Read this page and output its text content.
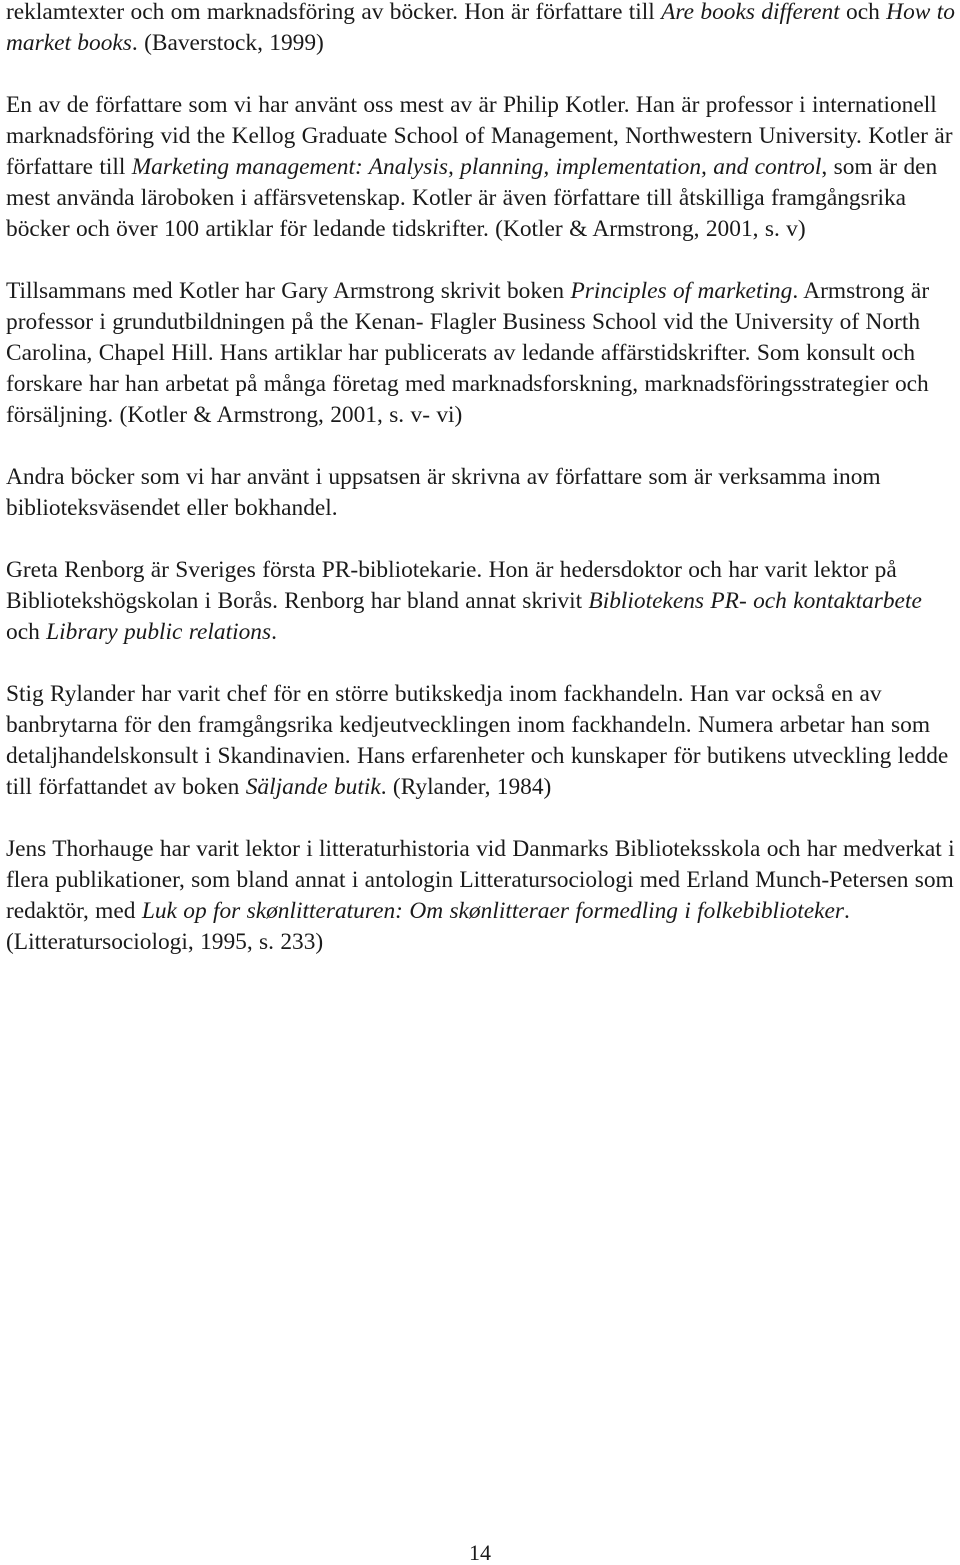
reklamtexter och om marknadsföring av böcker. Hon är författare till Are books different och How to market books. (Baverstock, 1999)

En av de författare som vi har använt oss mest av är Philip Kotler. Han är professor i internationell marknadsföring vid the Kellog Graduate School of Management, Northwestern University. Kotler är författare till Marketing management: Analysis, planning, implementation, and control, som är den mest använda läroboken i affärsvetenskap. Kotler är även författare till åtskilliga framgångsrika böcker och över 100 artiklar för ledande tidskrifter. (Kotler & Armstrong, 2001, s. v)

Tillsammans med Kotler har Gary Armstrong skrivit boken Principles of marketing. Armstrong är professor i grundutbildningen på the Kenan- Flagler Business School vid the University of North Carolina, Chapel Hill. Hans artiklar har publicerats av ledande affärstidskrifter. Som konsult och forskare har han arbetat på många företag med marknadsforskning, marknadsföringsstrategier och försäljning. (Kotler & Armstrong, 2001, s. v- vi)

Andra böcker som vi har använt i uppsatsen är skrivna av författare som är verksamma inom biblioteksväsendet eller bokhandel.

Greta Renborg är Sveriges första PR-bibliotekarie. Hon är hedersdoktor och har varit lektor på Bibliotekshögskolan i Borås. Renborg har bland annat skrivit Bibliotekens PR- och kontaktarbete och Library public relations.

Stig Rylander har varit chef för en större butikskedja inom fackhandeln. Han var också en av banbrytarna för den framgångsrika kedjeutvecklingen inom fackhandeln. Numera arbetar han som detaljhandelskonsult i Skandinavien. Hans erfarenheter och kunskaper för butikens utveckling ledde till författandet av boken Säljande butik. (Rylander, 1984)

Jens Thorhauge har varit lektor i litteraturhistoria vid Danmarks Biblioteksskola och har medverkat i flera publikationer, som bland annat i antologin Litteratursociologi med Erland Munch-Petersen som redaktör, med Luk op for skønlitteraturen: Om skønlitteraer formedling i folkebiblioteker. (Litteratursociologi, 1995, s. 233)

14
